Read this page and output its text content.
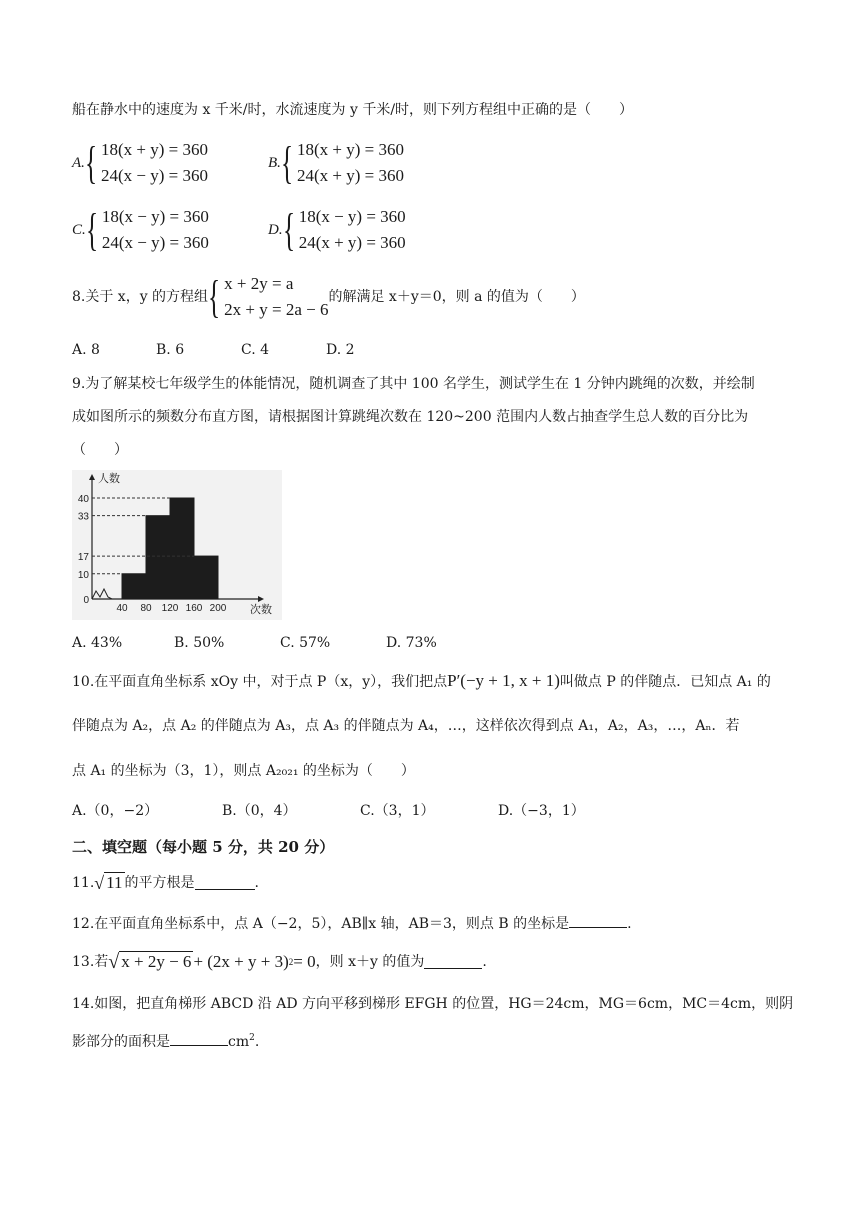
船在静水中的速度为 x 千米/时，水流速度为 y 千米/时，则下列方程组中正确的是（　　）
A. { 18(x + y) = 360
24(x − y) = 360
B. { 18(x + y) = 360
24(x + y) = 360
C. { 18(x − y) = 360
24(x − y) = 360
D. { 18(x − y) = 360
24(x + y) = 360
8.关于 x，y 的方程组 { x + 2y = a
2x + y = 2a − 6
的解满足 x＋y＝0，则 a 的值为（　　）
A. 8	B. 6	C. 4	D. 2
9.为了解某校七年级学生的体能情况，随机调查了其中 100 名学生，测试学生在 1 分钟内跳绳的次数，并绘制
成如图所示的频数分布直方图，请根据图计算跳绳次数在 120~200 范围内人数占抽查学生总人数的百分比为
（　　）
0
10
17
33
40
40 80 120 160 200
人数
次数
A. 43%	B. 50%	C. 57%	D. 73%
10.在平面直角坐标系 xOy 中，对于点 P（x，y），我们把点P′(−y + 1, x + 1)叫做点 P 的伴随点．已知点 A₁ 的
伴随点为 A₂，点 A₂ 的伴随点为 A₃，点 A₃ 的伴随点为 A₄，…，这样依次得到点 A₁，A₂，A₃，…，Aₙ．若
点 A₁ 的坐标为（3，1），则点 A₂₀₂₁ 的坐标为（　　）
A.（0，−2）	B.（0，4）	C.（3，1）	D.（−3，1）
二、填空题（每小题 5 分，共 20 分）
11. √ 11 的平方根是	.
12.在平面直角坐标系中，点 A（−2，5），AB∥x 轴，AB＝3，则点 B 的坐标是	.
13.若 √ x + 2y − 6 + (2x + y + 3) 2 = 0 ，则 x＋y 的值为	.
14.如图，把直角梯形 ABCD 沿 AD 方向平移到梯形 EFGH 的位置，HG＝24cm，MG＝6cm，MC＝4cm，则阴
影部分的面积是	$cm^2$.
